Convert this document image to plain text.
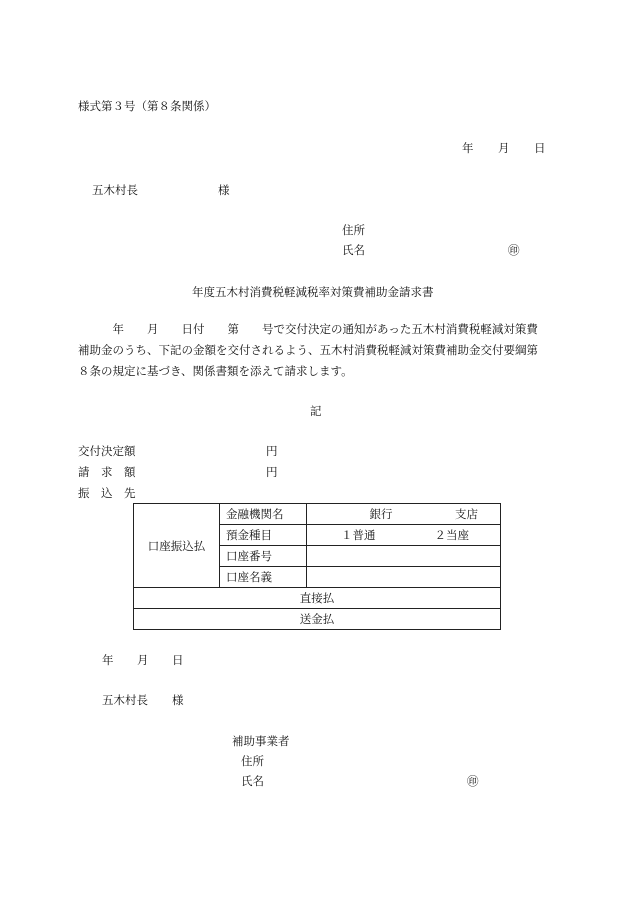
様式第３号（第８条関係）
年 月 日
五木村長	様
住所
氏名	㊞
年度五木村消費税軽減税率対策費補助金請求書
　　　年　　月　　日付　　第　　号で交付決定の通知があった五木村消費税軽減対策費
補助金のうち、下記の金額を交付されるよう、五木村消費税軽減対策費補助金交付要綱第
８条の規定に基づき、関係書類を添えて請求します。
記
交付決定額	円
請　求　額	円
振　込　先
口座振込払	金融機関名	銀行	支店
	預金種目	１普通	２当座
	口座番号		
	口座名義		
直接払			
送金払			
年 月 日
五木村長 様
補助事業者
住所
氏名	㊞
